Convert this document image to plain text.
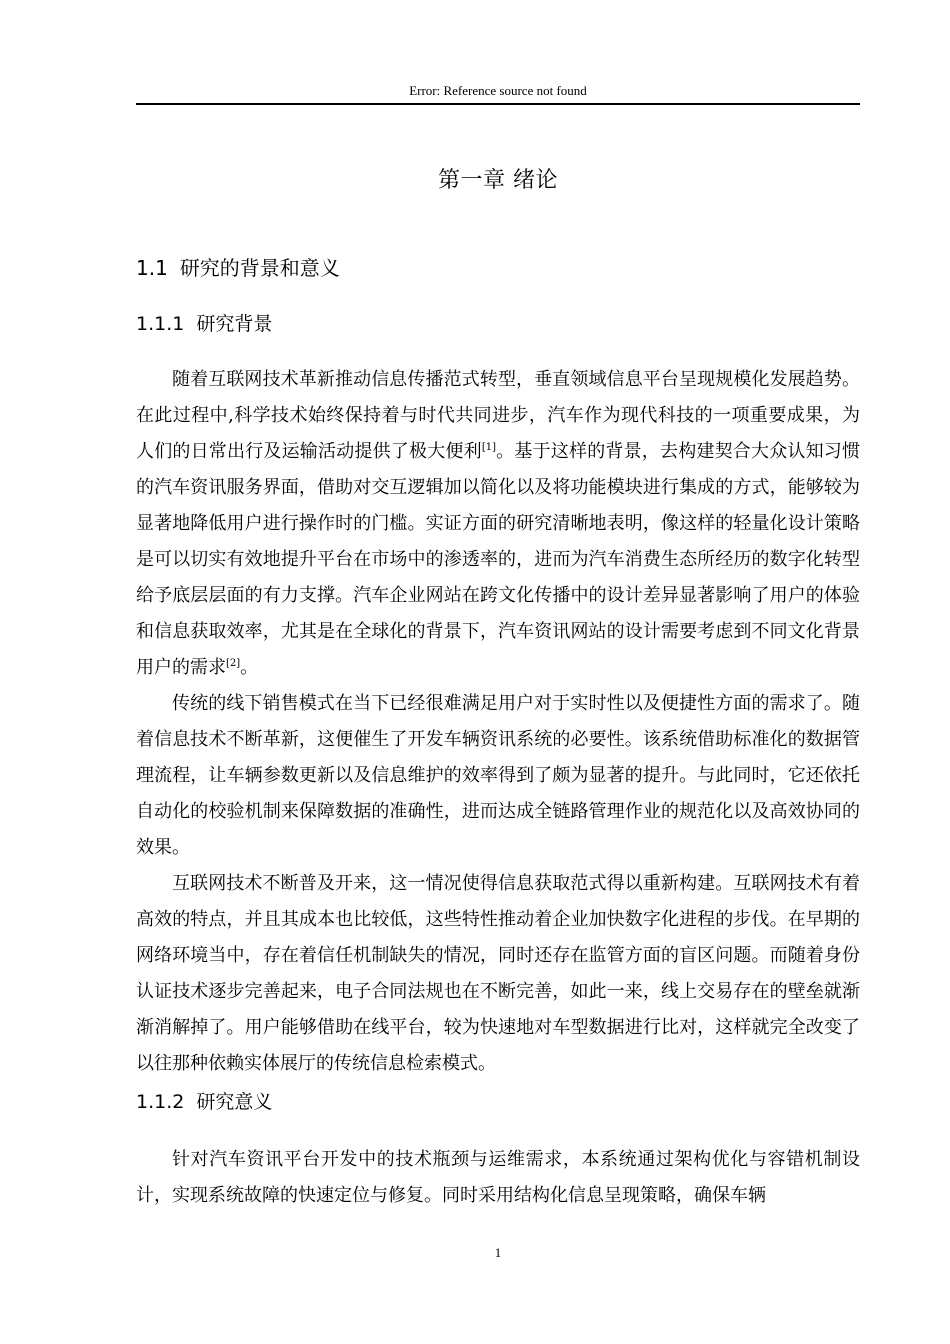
Error: Reference source not found
第一章 绪论
1.1 研究的背景和意义
1.1.1 研究背景

随着互联网技术革新推动信息传播范式转型，垂直领域信息平台呈现规模化发展趋势。在此过程中,科学技术始终保持着与时代共同进步，汽车作为现代科技的一项重要成果，为人们的日常出行及运输活动提供了极大便利[1]。基于这样的背景，去构建契合大众认知习惯的汽车资讯服务界面，借助对交互逻辑加以简化以及将功能模块进行集成的方式，能够较为显著地降低用户进行操作时的门槛。实证方面的研究清晰地表明，像这样的轻量化设计策略是可以切实有效地提升平台在市场中的渗透率的，进而为汽车消费生态所经历的数字化转型给予底层层面的有力支撑。汽车企业网站在跨文化传播中的设计差异显著影响了用户的体验和信息获取效率，尤其是在全球化的背景下，汽车资讯网站的设计需要考虑到不同文化背景用户的需求[2]。

传统的线下销售模式在当下已经很难满足用户对于实时性以及便捷性方面的需求了。随着信息技术不断革新，这便催生了开发车辆资讯系统的必要性。该系统借助标准化的数据管理流程，让车辆参数更新以及信息维护的效率得到了颇为显著的提升。与此同时，它还依托自动化的校验机制来保障数据的准确性，进而达成全链路管理作业的规范化以及高效协同的效果。

互联网技术不断普及开来，这一情况使得信息获取范式得以重新构建。互联网技术有着高效的特点，并且其成本也比较低，这些特性推动着企业加快数字化进程的步伐。在早期的网络环境当中，存在着信任机制缺失的情况，同时还存在监管方面的盲区问题。而随着身份认证技术逐步完善起来，电子合同法规也在不断完善，如此一来，线上交易存在的壁垒就渐渐消解掉了。用户能够借助在线平台，较为快速地对车型数据进行比对，这样就完全改变了以往那种依赖实体展厅的传统信息检索模式。

1.1.2 研究意义

针对汽车资讯平台开发中的技术瓶颈与运维需求，本系统通过架构优化与容错机制设计，实现系统故障的快速定位与修复。同时采用结构化信息呈现策略，确保车辆

1
